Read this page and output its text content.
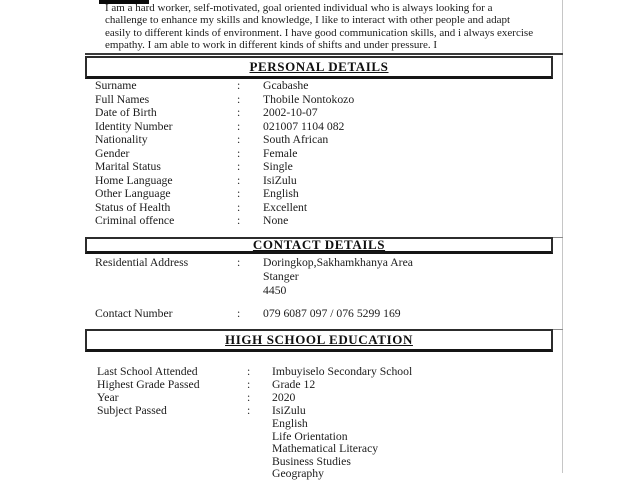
I am a hard worker, self-motivated, goal oriented individual who is always looking for a
challenge to enhance my skills and knowledge, I like to interact with other people and adapt
easily to different kinds of environment. I have good communication skills, and i always exercise
empathy. I am able to work in different kinds of shifts and under pressure. I
PERSONAL DETAILS
Surname	:	Gcabashe
Full Names	:	Thobile Nontokozo
Date of Birth	:	2002-10-07
Identity Number	:	021007 1104 082
Nationality	:	South African
Gender	:	Female
Marital Status	:	Single
Home Language	:	IsiZulu
Other Language	:	English
Status of Health	:	Excellent
Criminal offence	:	None
CONTACT DETAILS
Residential Address	:	Doringkop,Sakhamkhanya Area
Stanger
4450
Contact Number	:	079 6087 097 / 076 5299 169
HIGH SCHOOL EDUCATION
Last School Attended	:	Imbuyiselo Secondary School
Highest Grade Passed	:	Grade 12
Year	:	2020
Subject Passed	:	IsiZulu
English
Life Orientation
Mathematical Literacy
Business Studies
Geography
